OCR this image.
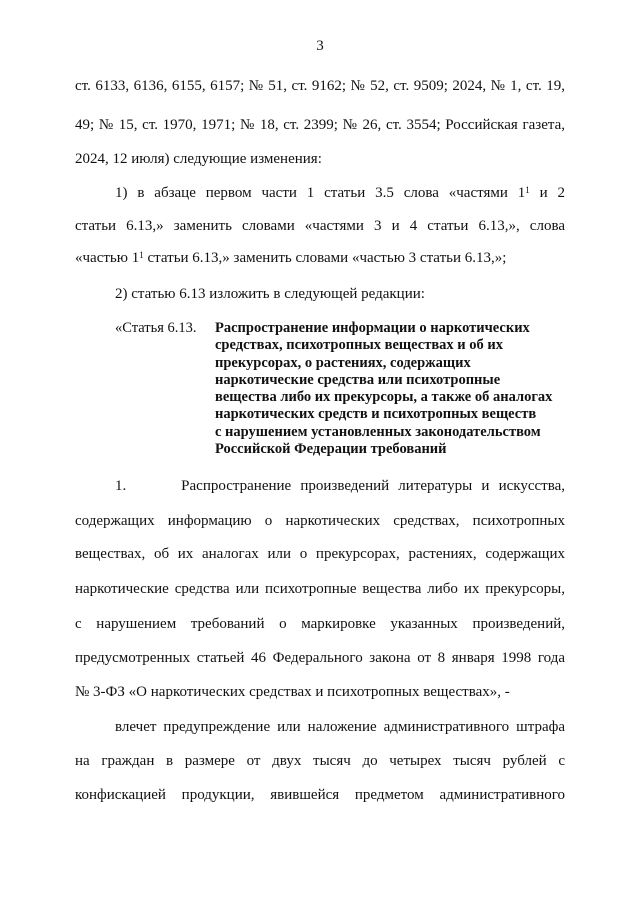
3
ст. 6133, 6136, 6155, 6157; № 51, ст. 9162; № 52, ст. 9509; 2024, № 1, ст. 19,
49; № 15, ст. 1970, 1971; № 18, ст. 2399; № 26, ст. 3554; Российская газета,
2024, 12 июля) следующие изменения:
1) в абзаце первом части 1 статьи 3.5 слова «частями $1^1$ и 2
статьи 6.13,» заменить словами «частями 3 и 4 статьи 6.13,», слова
«частью $1^1$ статьи 6.13,» заменить словами «частью 3 статьи 6.13,»;
2) статью 6.13 изложить в следующей редакции:
«Статья 6.13. Распространение информации о наркотических
средствах, психотропных веществах и об их
прекурсорах, о растениях, содержащих
наркотические средства или психотропные
вещества либо их прекурсоры, а также об аналогах
наркотических средств и психотропных веществ
с нарушением установленных законодательством
Российской Федерации требований
1.      Распространение произведений литературы и искусства,
содержащих информацию о наркотических средствах, психотропных
веществах, об их аналогах или о прекурсорах, растениях, содержащих
наркотические средства или психотропные вещества либо их прекурсоры,
с нарушением требований о маркировке указанных произведений,
предусмотренных статьей 46 Федерального закона от 8 января 1998 года
№ 3-ФЗ «О наркотических средствах и психотропных веществах», -
влечет предупреждение или наложение административного штрафа
на граждан в размере от двух тысяч до четырех тысяч рублей с
конфискацией продукции, явившейся предметом административного
